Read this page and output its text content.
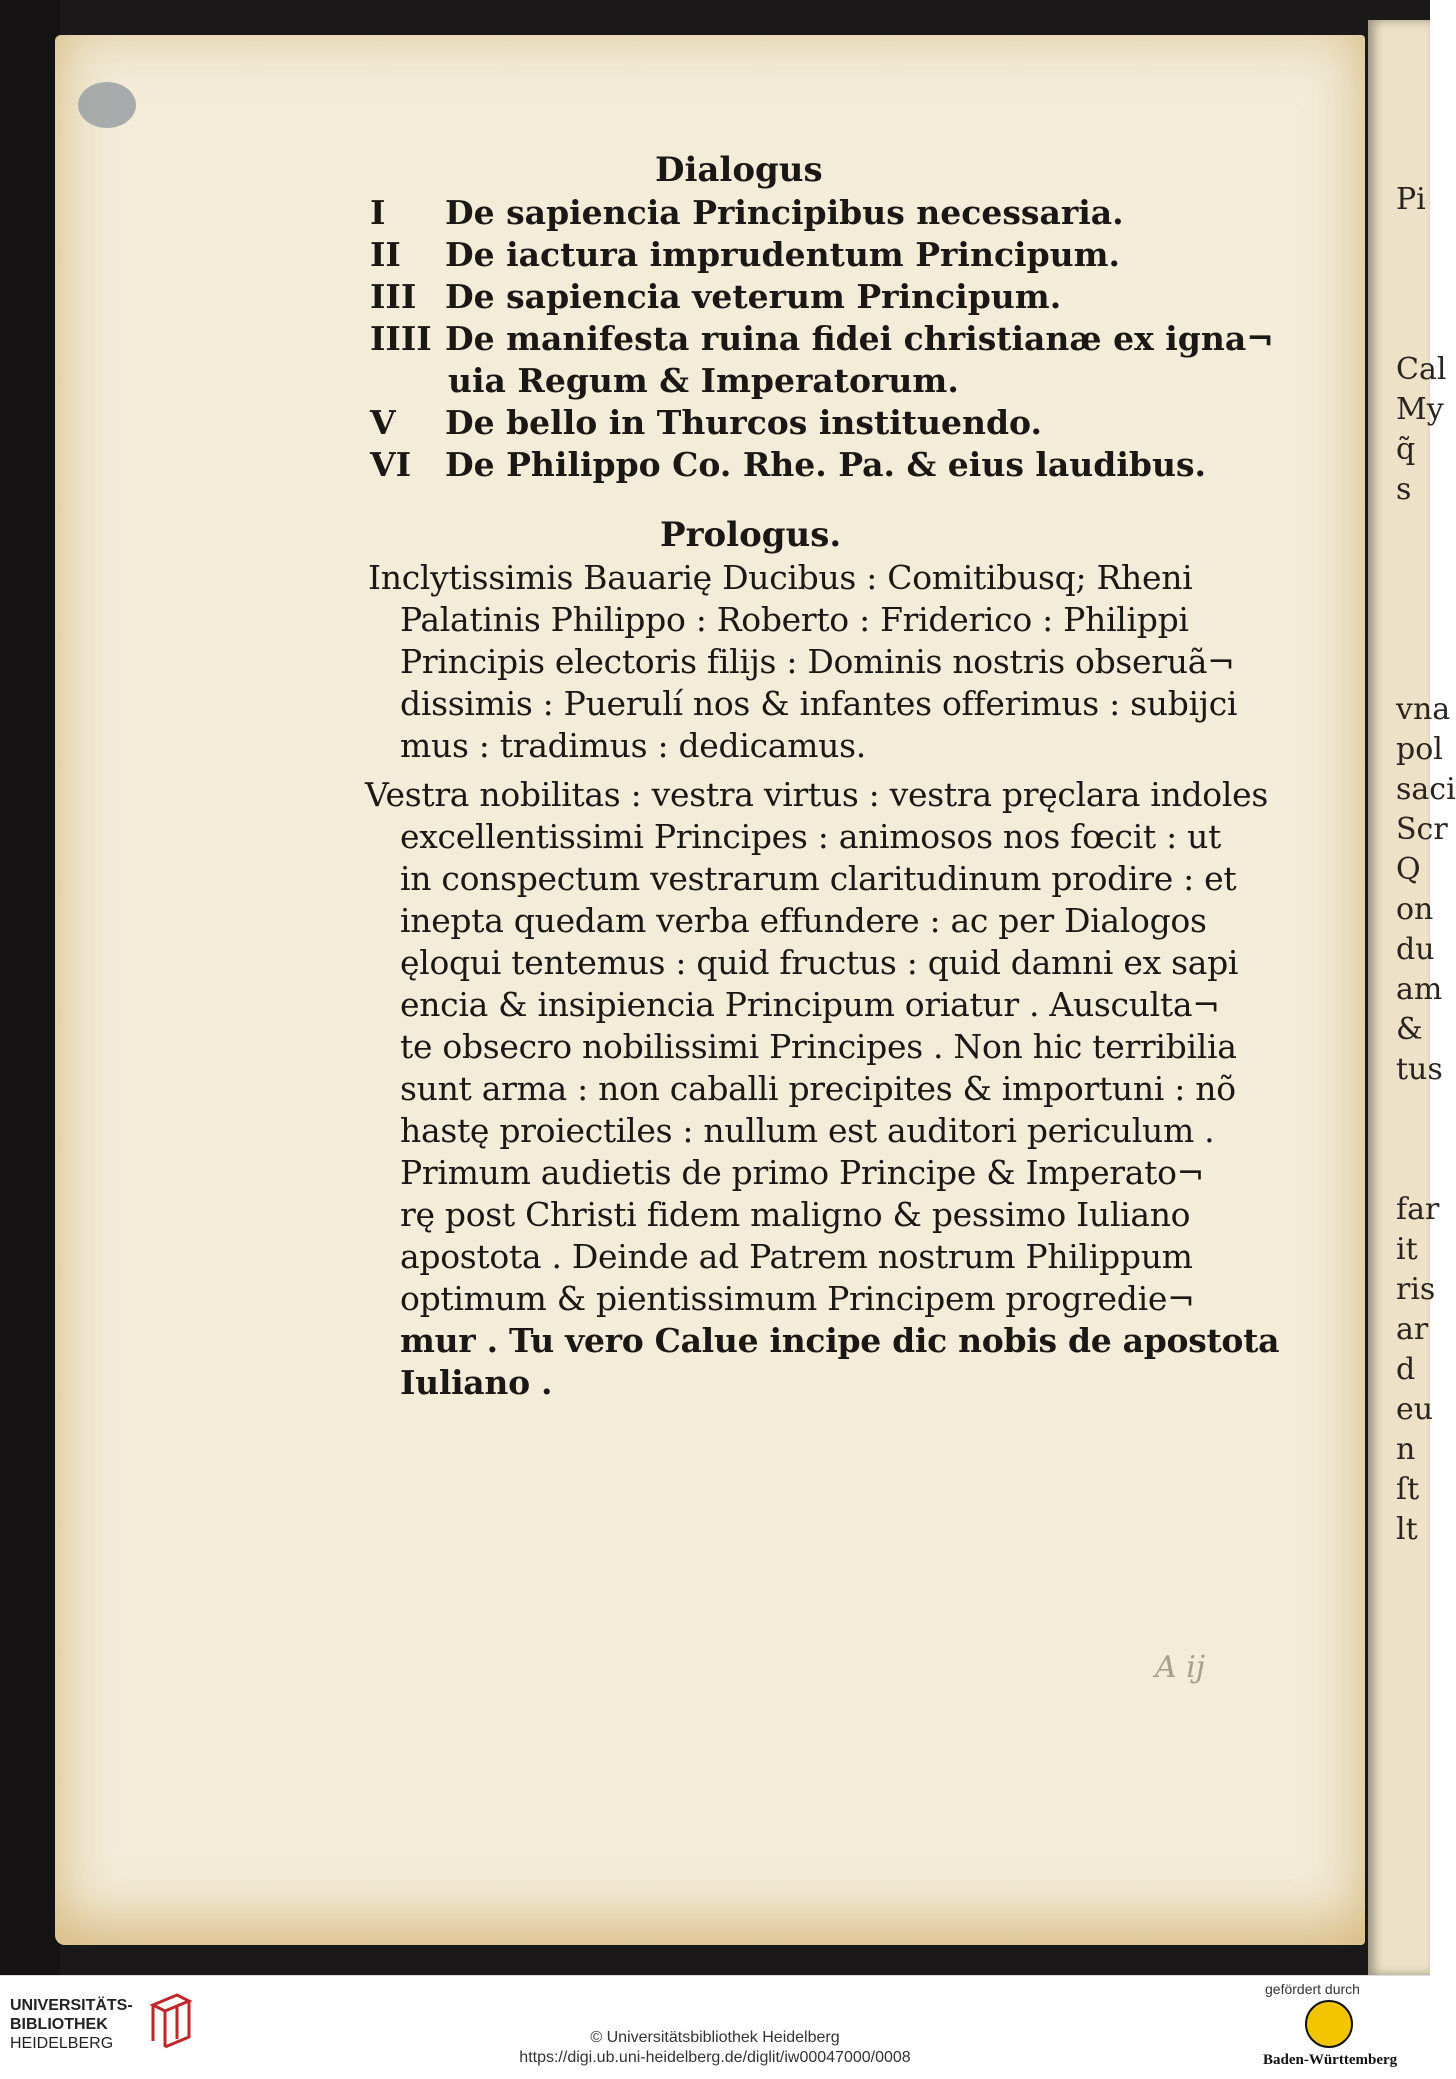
Pi
Cal
My
q̃ s
vna
pol
saci
Scr
Q
on
du
am
&
tus
far
it
ris
ar
d
eu
n
ſt
lt
Dialogus
I De sapiencia Principibus necessaria.
II De iactura imprudentum Principum.
III De sapiencia veterum Principum.
IIII De manifesta ruina fidei christianæ ex igna¬
uia Regum & Imperatorum.
V De bello in Thurcos instituendo.
VI De Philippo Co. Rhe. Pa. & eius laudibus.
Prologus.
Inclytissimis Bauarię Ducibus : Comitibusq; Rheni
Palatinis Philippo : Roberto : Friderico : Philippi
Principis electoris filijs : Dominis nostris obseruã¬
dissimis : Puerulí nos & infantes offerimus : subijci
mus : tradimus : dedicamus.
Vestra nobilitas : vestra virtus : vestra pręclara indoles
excellentissimi Principes : animosos nos fœcit : ut
in conspectum vestrarum claritudinum prodire : et
inepta quedam verba effundere : ac per Dialogos
ęloqui tentemus : quid fructus : quid damni ex sapi
encia & insipiencia Principum oriatur . Ausculta¬
te obsecro nobilissimi Principes . Non hic terribilia
sunt arma : non caballi precipites & importuni : nõ
hastę proiectiles : nullum est auditori periculum .
Primum audietis de primo Principe & Imperato¬
rę post Christi fidem maligno & pessimo Iuliano
apostota . Deinde ad Patrem nostrum Philippum
optimum & pientissimum Principem progredie¬
mur . Tu vero Calue incipe dic nobis de apostota
Iuliano .
A ij
UNIVERSITÄTS-
BIBLIOTHEK
HEIDELBERG	© Universitätsbibliothek Heidelberg
https://digi.ub.uni-heidelberg.de/diglit/iw00047000/0008
gefördert durch
Baden-Württemberg
